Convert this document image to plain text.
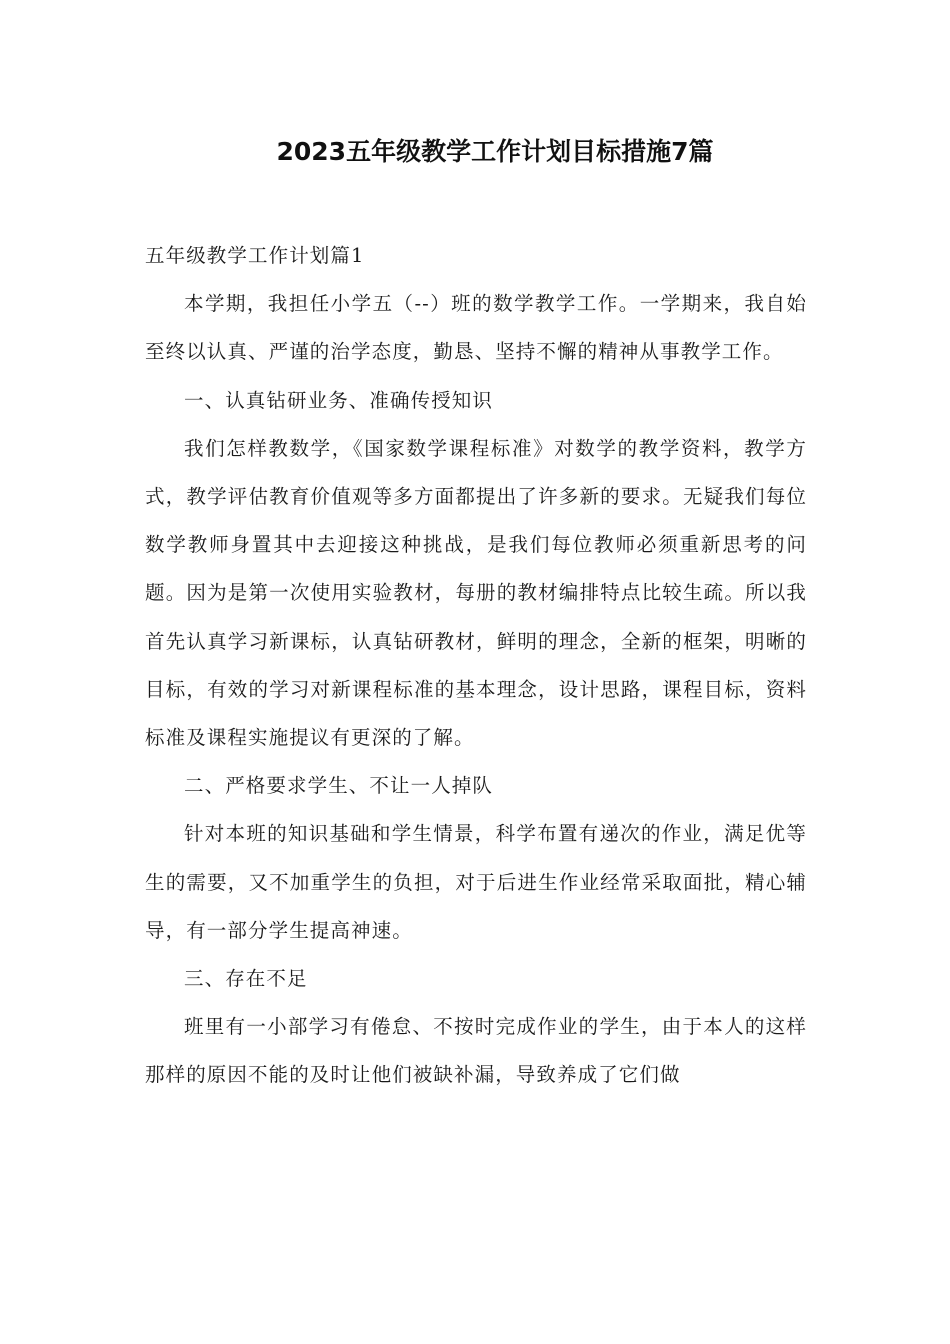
2023五年级教学工作计划目标措施7篇

五年级教学工作计划篇1

本学期，我担任小学五（--）班的数学教学工作。一学期来，我自始至终以认真、严谨的治学态度，勤恳、坚持不懈的精神从事教学工作。

一、认真钻研业务、准确传授知识

我们怎样教数学，《国家数学课程标准》对数学的教学资料，教学方式，教学评估教育价值观等多方面都提出了许多新的要求。无疑我们每位数学教师身置其中去迎接这种挑战，是我们每位教师必须重新思考的问题。因为是第一次使用实验教材，每册的教材编排特点比较生疏。所以我首先认真学习新课标，认真钻研教材，鲜明的理念，全新的框架，明晰的目标，有效的学习对新课程标准的基本理念，设计思路，课程目标，资料标准及课程实施提议有更深的了解。

二、严格要求学生、不让一人掉队

针对本班的知识基础和学生情景，科学布置有递次的作业，满足优等生的需要，又不加重学生的负担，对于后进生作业经常采取面批，精心辅导，有一部分学生提高神速。

三、存在不足

班里有一小部学习有倦怠、不按时完成作业的学生，由于本人的这样那样的原因不能的及时让他们被缺补漏，导致养成了它们做
